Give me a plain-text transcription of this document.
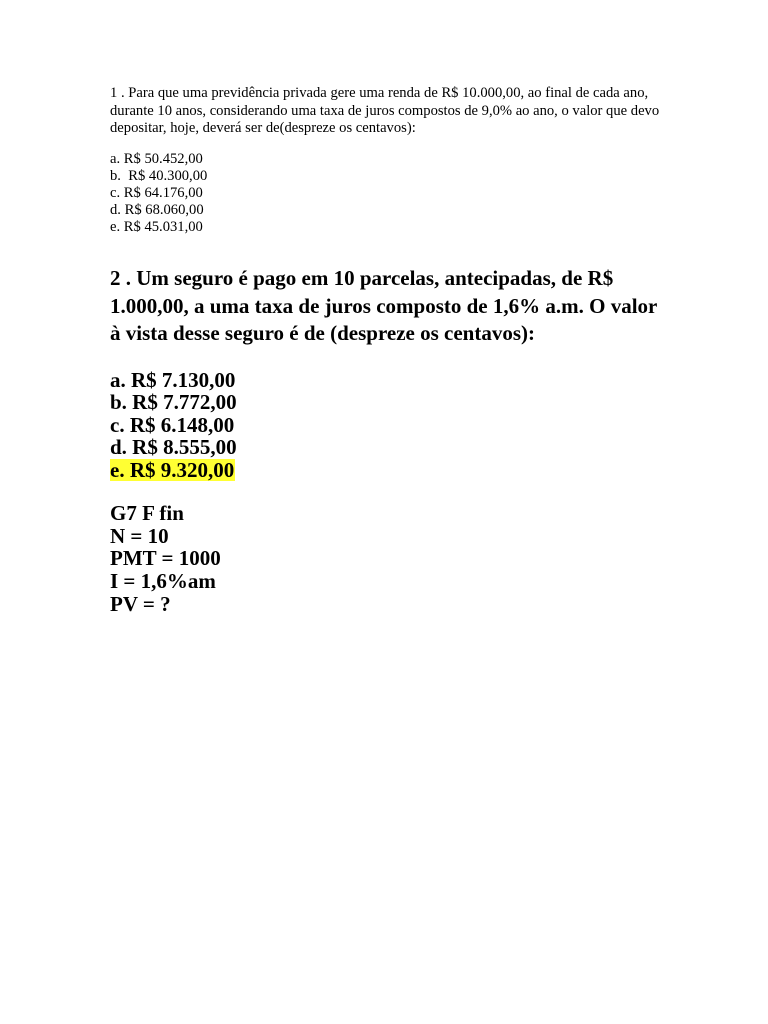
1 . Para que uma previdência privada gere uma renda de R$ 10.000,00, ao final de cada ano, durante 10 anos, considerando uma taxa de juros compostos de 9,0% ao ano, o valor que devo depositar, hoje, deverá ser de(despreze os centavos):

a. R$ 50.452,00
b.  R$ 40.300,00
c. R$ 64.176,00
d. R$ 68.060,00
e. R$ 45.031,00

2 . Um seguro é pago em 10 parcelas, antecipadas, de R$ 1.000,00, a uma taxa de juros composto de 1,6% a.m. O valor à vista desse seguro é de (despreze os centavos):

a. R$ 7.130,00
b. R$ 7.772,00
c. R$ 6.148,00
d. R$ 8.555,00
e. R$ 9.320,00
G7 F fin
N = 10
PMT = 1000
I = 1,6%am
PV = ?
